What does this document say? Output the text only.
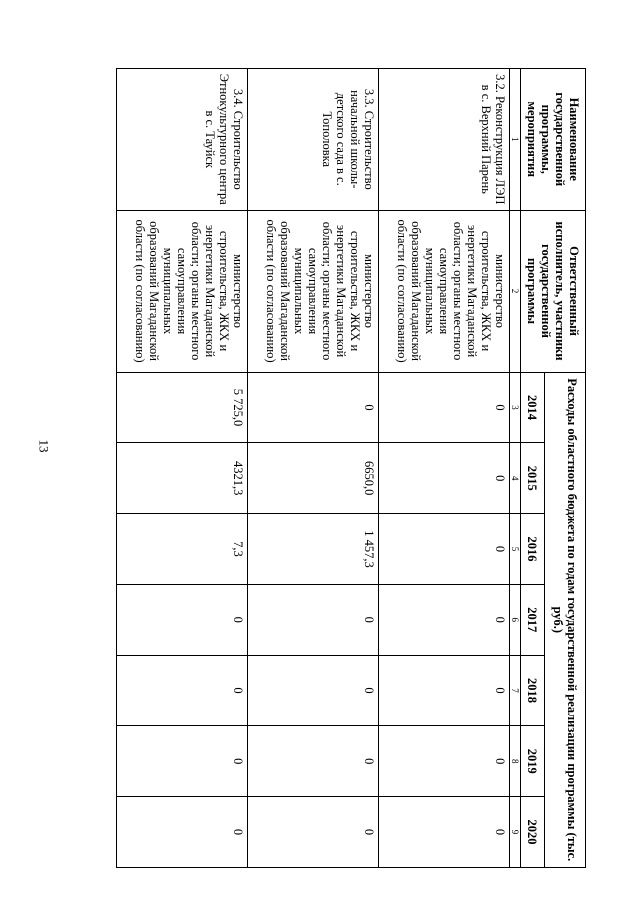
13
Наименование государственной программы, мероприятия	Ответственный исполнитель, участники государственной программы	Расходы областного бюджета по годам государственной реализации программы (тыс. руб.)						
		2014	2015	2016	2017	2018	2019	2020
1	2	3	4	5	6	7	8	9
3.2. Реконструкция ЛЭП в с. Верхний Парень	министерство строительства, ЖКХ и энергетики Магаданской области; органы местного самоуправления муниципальных образований Магаданской области (по согласованию)	0	0	0	0	0	0	0
3.3. Строительство начальной школы-детского сада в с. Тополовка	министерство строительства, ЖКХ и энергетики Магаданской области; органы местного самоуправления муниципальных образований Магаданской области (по согласованию)	0	6650,0	1 457,3	0	0	0	0
3.4. Строительство Этнокультурного центра в с. Тауйск	министерство строительства, ЖКХ и энергетики Магаданской области; органы местного самоуправления муниципальных образований Магаданской области (по согласованию)	5 725,0	4321,3	7,3	0	0	0	0
